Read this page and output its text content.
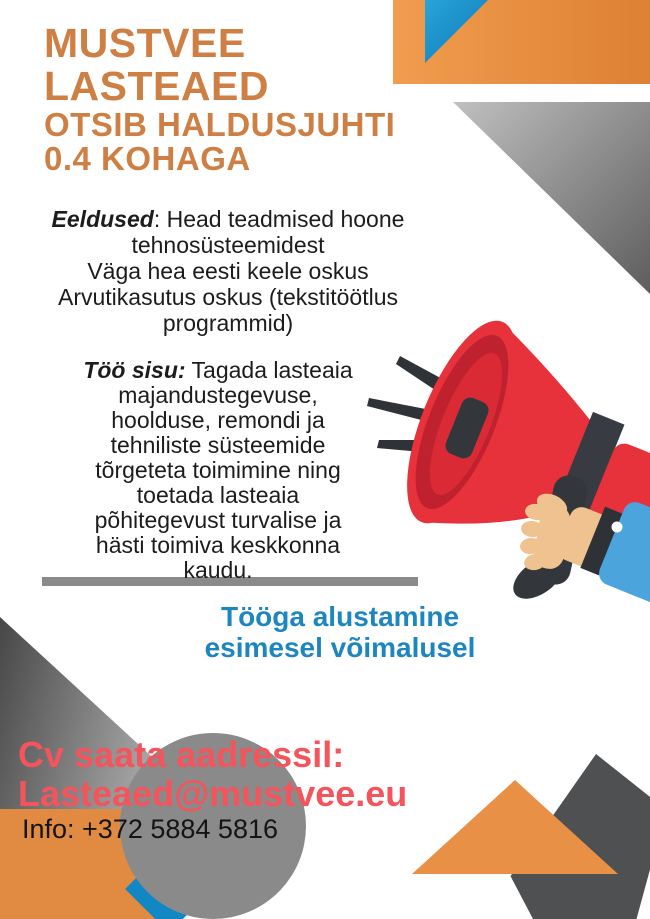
MUSTVEE
LASTEAED
OTSIB HALDUSJUHTI
0.4 KOHAGA
Eeldused: Head teadmised hoone
tehnosüsteemidest
Väga hea eesti keele oskus
Arvutikasutus oskus (tekstitöötlus
programmid)
Töö sisu: Tagada lasteaia
majandustegevuse,
hoolduse, remondi ja
tehniliste süsteemide
tõrgeteta toimimine ning
toetada lasteaia
põhitegevust turvalise ja
hästi toimiva keskkonna
kaudu.
Tööga alustamine
esimesel võimalusel
Cv saata aadressil:
Lasteaed@mustvee.eu
Info: +372 5884 5816
